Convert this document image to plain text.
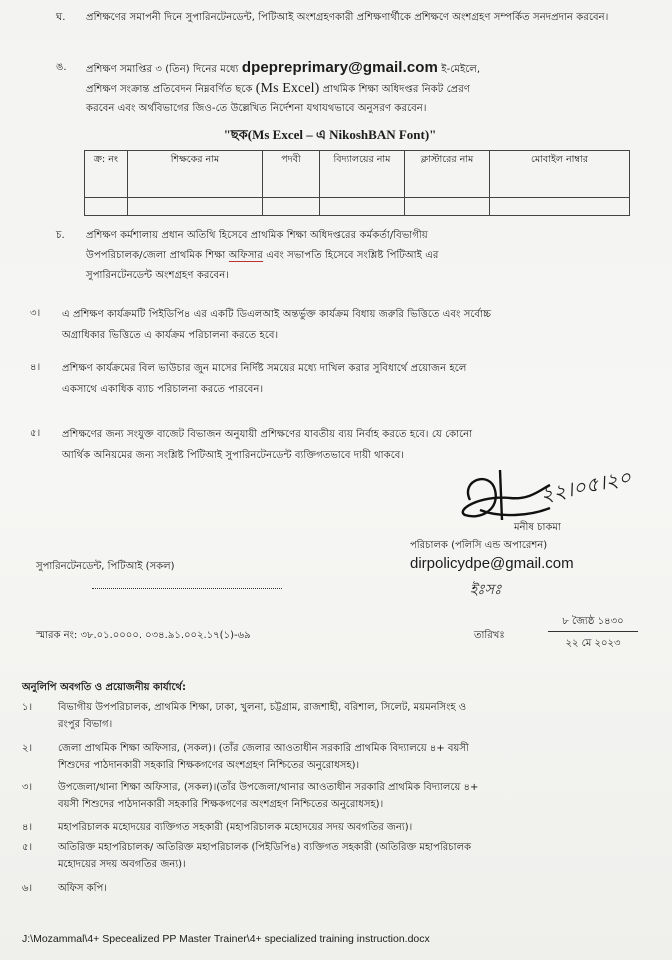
ঘ. প্রশিক্ষণের সমাপনী দিনে সুপারিনটেনডেন্ট, পিটিআই অংশগ্রহণকারী প্রশিক্ষণার্থীকে প্রশিক্ষণে অংশগ্রহণ সম্পর্কিত সনদপ্রদান করবেন।
ঙ. প্রশিক্ষণ সমাপ্তির ৩ (তিন) দিনের মধ্যে dpepreprimary@gmail.com ই-মেইলে,
প্রশিক্ষণ সংক্রান্ত প্রতিবেদন নিম্নবর্ণিত ছকে (Ms Excel) প্রাথমিক শিক্ষা অধিদপ্তর নিকট প্রেরণ
করবেন এবং অর্থবিভাগের জিও-তে উল্লেখিত নির্দেশনা যথাযথভাবে অনুসরণ করবেন।
"ছক(Ms Excel – এ NikoshBAN Font)"
ক্র: নং	শিক্ষকের নাম	পদবী	বিদ্যালয়ের নাম	ক্লাস্টারের নাম	মোবাইল নাম্বার

চ. প্রশিক্ষণ কর্মশালায় প্রধান অতিথি হিসেবে প্রাথমিক শিক্ষা অধিদপ্তরের কর্মকর্তা/বিভাগীয়
উপপরিচালক/জেলা প্রাথমিক শিক্ষা অফিসার এবং সভাপতি হিসেবে সংশ্লিষ্ট পিটিআই এর
সুপারিনটেনডেন্ট অংশগ্রহণ করবেন।
৩। এ প্রশিক্ষণ কার্যক্রমটি পিইডিপি৪ এর একটি ডিএলআই অন্তর্ভুক্ত কার্যক্রম বিধায় জরুরি ভিত্তিতে এবং সর্বোচ্চ
অগ্রাধিকার ভিত্তিতে এ কার্যক্রম পরিচালনা করতে হবে।
৪। প্রশিক্ষণ কার্যক্রমের বিল ভাউচার জুন মাসের নির্দিষ্ট সময়ের মধ্যে দাখিল করার সুবিধার্থে প্রয়োজন হলে
একসাথে একাধিক ব্যাচ পরিচালনা করতে পারবেন।
৫। প্রশিক্ষণের জন্য সংযুক্ত বাজেট বিভাজন অনুযায়ী প্রশিক্ষণের যাবতীয় ব্যয় নির্বাহ করতে হবে। যে কোনো
আর্থিক অনিয়মের জন্য সংশ্লিষ্ট পিটিআই সুপারিনটেনডেন্ট ব্যক্তিগতভাবে দায়ী থাকবে।
২২।০৫।২০
মনীষ চাকমা
পরিচালক (পলিসি এন্ড অপারেশন)
dirpolicydpe@gmail.com
সুপারিনটেনডেন্ট, পিটিআই (সকল)
ইঃসঃ
স্মারক নং: ৩৮.০১.০০০০. ০৩৪.৯১.০০২.১৭(১)-৬৯	তারিখঃ
৮ জ্যৈষ্ঠ ১৪৩০
২২ মে ২০২৩
অনুলিপি অবগতি ও প্রয়োজনীয় কার্যার্থে:
১।	বিভাগীয় উপপরিচালক, প্রাথমিক শিক্ষা, ঢাকা, খুলনা, চট্টগ্রাম, রাজশাহী, বরিশাল, সিলেট, ময়মনসিংহ ও
রংপুর বিভাগ।
২।	জেলা প্রাথমিক শিক্ষা অফিসার, (সকল)। (তাঁর জেলার আওতাধীন সরকারি প্রাথমিক বিদ্যালয়ে ৪+ বয়সী
শিশুদের পাঠদানকারী সহকারি শিক্ষকগণের অংশগ্রহণ নিশ্চিতের অনুরোধসহ)।
৩।	উপজেলা/থানা শিক্ষা অফিসার, (সকল)।(তাঁর উপজেলা/থানার আওতাধীন সরকারি প্রাথমিক বিদ্যালয়ে ৪+
বয়সী শিশুদের পাঠদানকারী সহকারি শিক্ষকগণের অংশগ্রহণ নিশ্চিতের অনুরোধসহ)।
৪।	মহাপরিচালক মহোদয়ের ব্যক্তিগত সহকারী (মহাপরিচালক মহোদয়ের সদয় অবগতির জন্য)।
৫।	অতিরিক্ত মহাপরিচালক/ অতিরিক্ত মহাপরিচালক (পিইডিপি৪) ব্যক্তিগত সহকারী (অতিরিক্ত মহাপরিচালক
মহোদয়ের সদয় অবগতির জন্য)।
৬।	অফিস কপি।
J:\Mozammal\4+ Specealized PP Master Trainer\4+ specialized training instruction.docx
